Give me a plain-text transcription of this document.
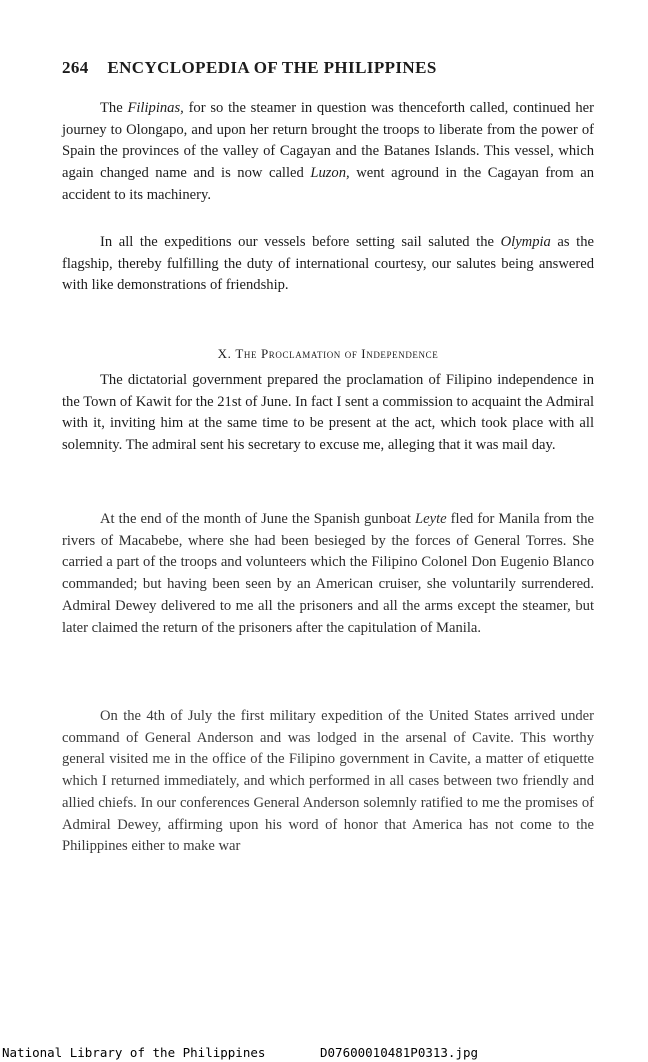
264 ENCYCLOPEDIA OF THE PHILIPPINES

The Filipinas, for so the steamer in question was thenceforth called, continued her journey to Olongapo, and upon her return brought the troops to liberate from the power of Spain the provinces of the valley of Cagayan and the Batanes Islands. This vessel, which again changed name and is now called Luzon, went aground in the Cagayan from an accident to its machinery.

In all the expeditions our vessels before setting sail saluted the Olympia as the flagship, thereby fulfilling the duty of international courtesy, our salutes being answered with like demonstrations of friendship.

X. The Proclamation of Independence

The dictatorial government prepared the proclamation of Filipino independence in the Town of Kawit for the 21st of June. In fact I sent a commission to acquaint the Admiral with it, inviting him at the same time to be present at the act, which took place with all solemnity. The admiral sent his secretary to excuse me, alleging that it was mail day.

At the end of the month of June the Spanish gunboat Leyte fled for Manila from the rivers of Macabebe, where she had been besieged by the forces of General Torres. She carried a part of the troops and volunteers which the Filipino Colonel Don Eugenio Blanco commanded; but having been seen by an American cruiser, she voluntarily surrendered. Admiral Dewey delivered to me all the prisoners and all the arms except the steamer, but later claimed the return of the prisoners after the capitulation of Manila.

On the 4th of July the first military expedition of the United States arrived under command of General Anderson and was lodged in the arsenal of Cavite. This worthy general visited me in the office of the Filipino government in Cavite, a matter of etiquette which I returned immediately, and which performed in all cases between two friendly and allied chiefs. In our conferences General Anderson solemnly ratified to me the promises of Admiral Dewey, affirming upon his word of honor that America has not come to the Philippines either to make war

National Library of the Philippines	D07600010481P0313.jpg
